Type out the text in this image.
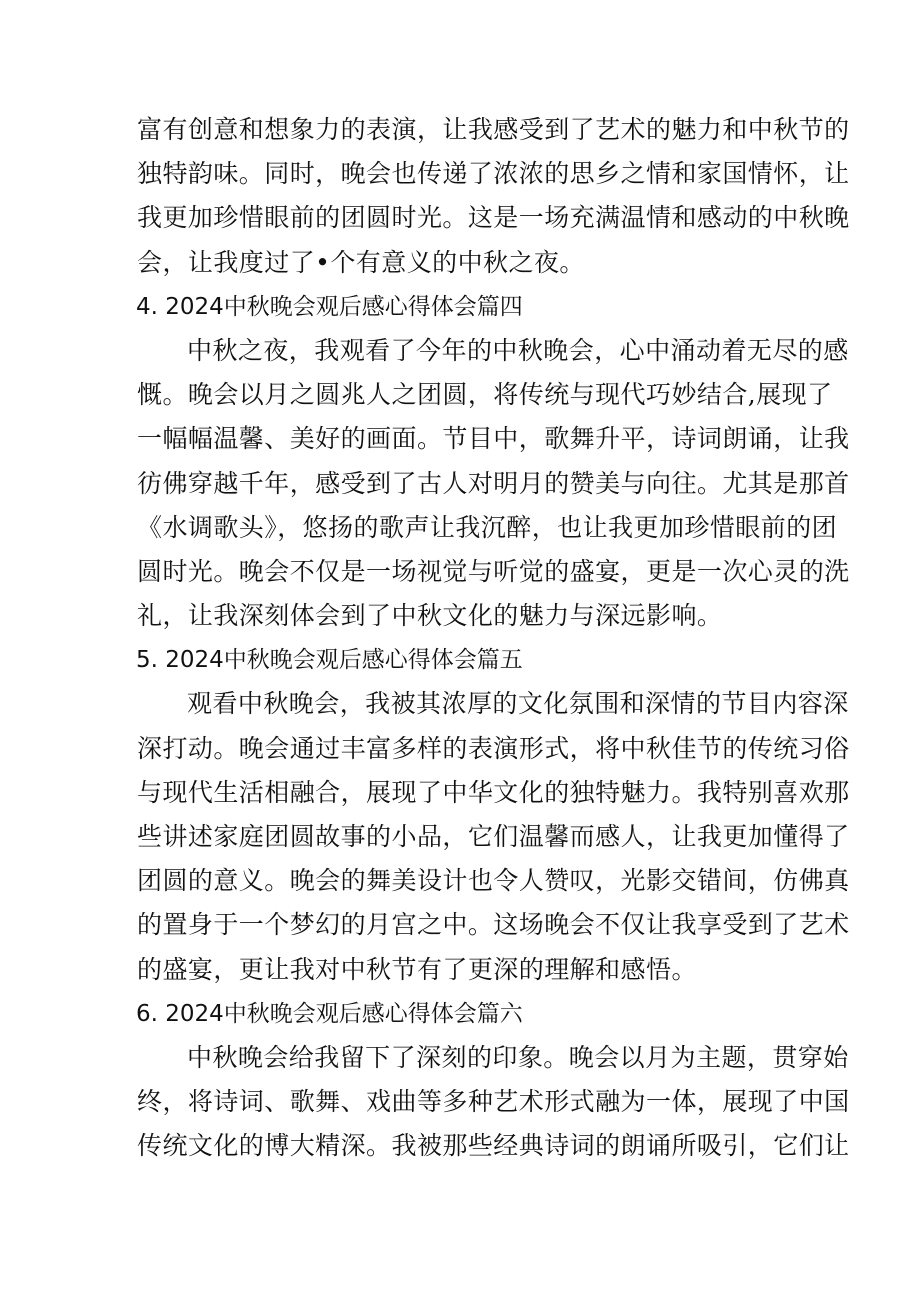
富有创意和想象力的表演，让我感受到了艺术的魅力和中秋节的
独特韵味。同时，晚会也传递了浓浓的思乡之情和家国情怀，让
我更加珍惜眼前的团圆时光。这是一场充满温情和感动的中秋晚
会，让我度过了•个有意义的中秋之夜。
4. 2024中秋晚会观后感心得体会篇四
中秋之夜，我观看了今年的中秋晚会，心中涌动着无尽的感
慨。晚会以月之圆兆人之团圆，将传统与现代巧妙结合,展现了
一幅幅温馨、美好的画面。节目中，歌舞升平，诗词朗诵，让我
彷佛穿越千年，感受到了古人对明月的赞美与向往。尤其是那首
《水调歌头》，悠扬的歌声让我沉醉，也让我更加珍惜眼前的团
圆时光。晚会不仅是一场视觉与听觉的盛宴，更是一次心灵的洗
礼，让我深刻体会到了中秋文化的魅力与深远影响。
5. 2024中秋晚会观后感心得体会篇五
观看中秋晚会，我被其浓厚的文化氛围和深情的节目内容深
深打动。晚会通过丰富多样的表演形式，将中秋佳节的传统习俗
与现代生活相融合，展现了中华文化的独特魅力。我特别喜欢那
些讲述家庭团圆故事的小品，它们温馨而感人，让我更加懂得了
团圆的意义。晚会的舞美设计也令人赞叹，光影交错间，仿佛真
的置身于一个梦幻的月宫之中。这场晚会不仅让我享受到了艺术
的盛宴，更让我对中秋节有了更深的理解和感悟。
6. 2024中秋晚会观后感心得体会篇六
中秋晚会给我留下了深刻的印象。晚会以月为主题，贯穿始
终，将诗词、歌舞、戏曲等多种艺术形式融为一体，展现了中国
传统文化的博大精深。我被那些经典诗词的朗诵所吸引，它们让
